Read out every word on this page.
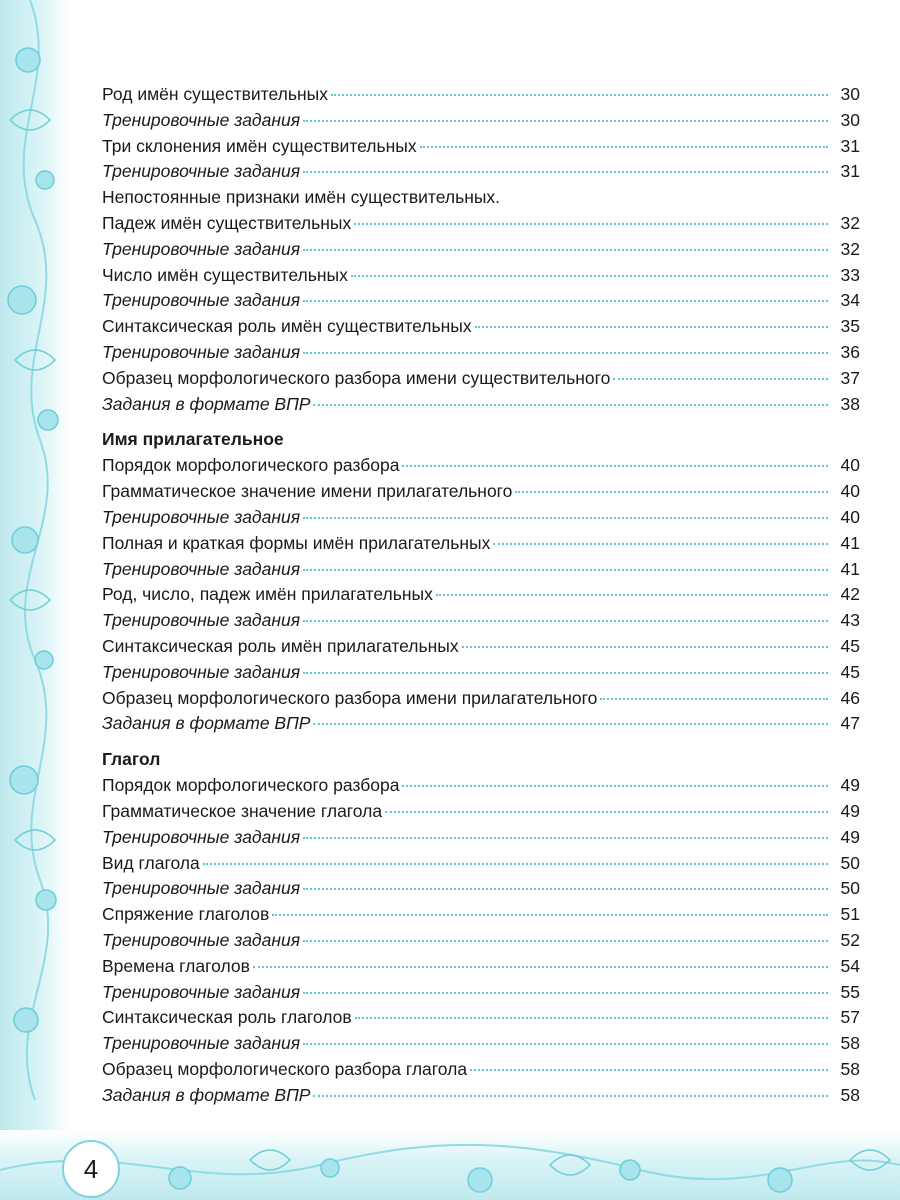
Род имён существительных	30
Тренировочные задания	30
Три склонения имён существительных	31
Тренировочные задания	31
Непостоянные признаки имён существительных.
Падеж имён существительных	32
Тренировочные задания	32
Число имён существительных	33
Тренировочные задания	34
Синтаксическая роль имён существительных	35
Тренировочные задания	36
Образец морфологического разбора имени существительного	37
Задания в формате ВПР	38
Имя прилагательное
Порядок морфологического разбора	40
Грамматическое значение имени прилагательного	40
Тренировочные задания	40
Полная и краткая формы имён прилагательных	41
Тренировочные задания	41
Род, число, падеж имён прилагательных	42
Тренировочные задания	43
Синтаксическая роль имён прилагательных	45
Тренировочные задания	45
Образец морфологического разбора имени прилагательного	46
Задания в формате ВПР	47
Глагол
Порядок морфологического разбора	49
Грамматическое значение глагола	49
Тренировочные задания	49
Вид глагола	50
Тренировочные задания	50
Спряжение глаголов	51
Тренировочные задания	52
Времена глаголов	54
Тренировочные задания	55
Синтаксическая роль глаголов	57
Тренировочные задания	58
Образец морфологического разбора глагола	58
Задания в формате ВПР	58
4
